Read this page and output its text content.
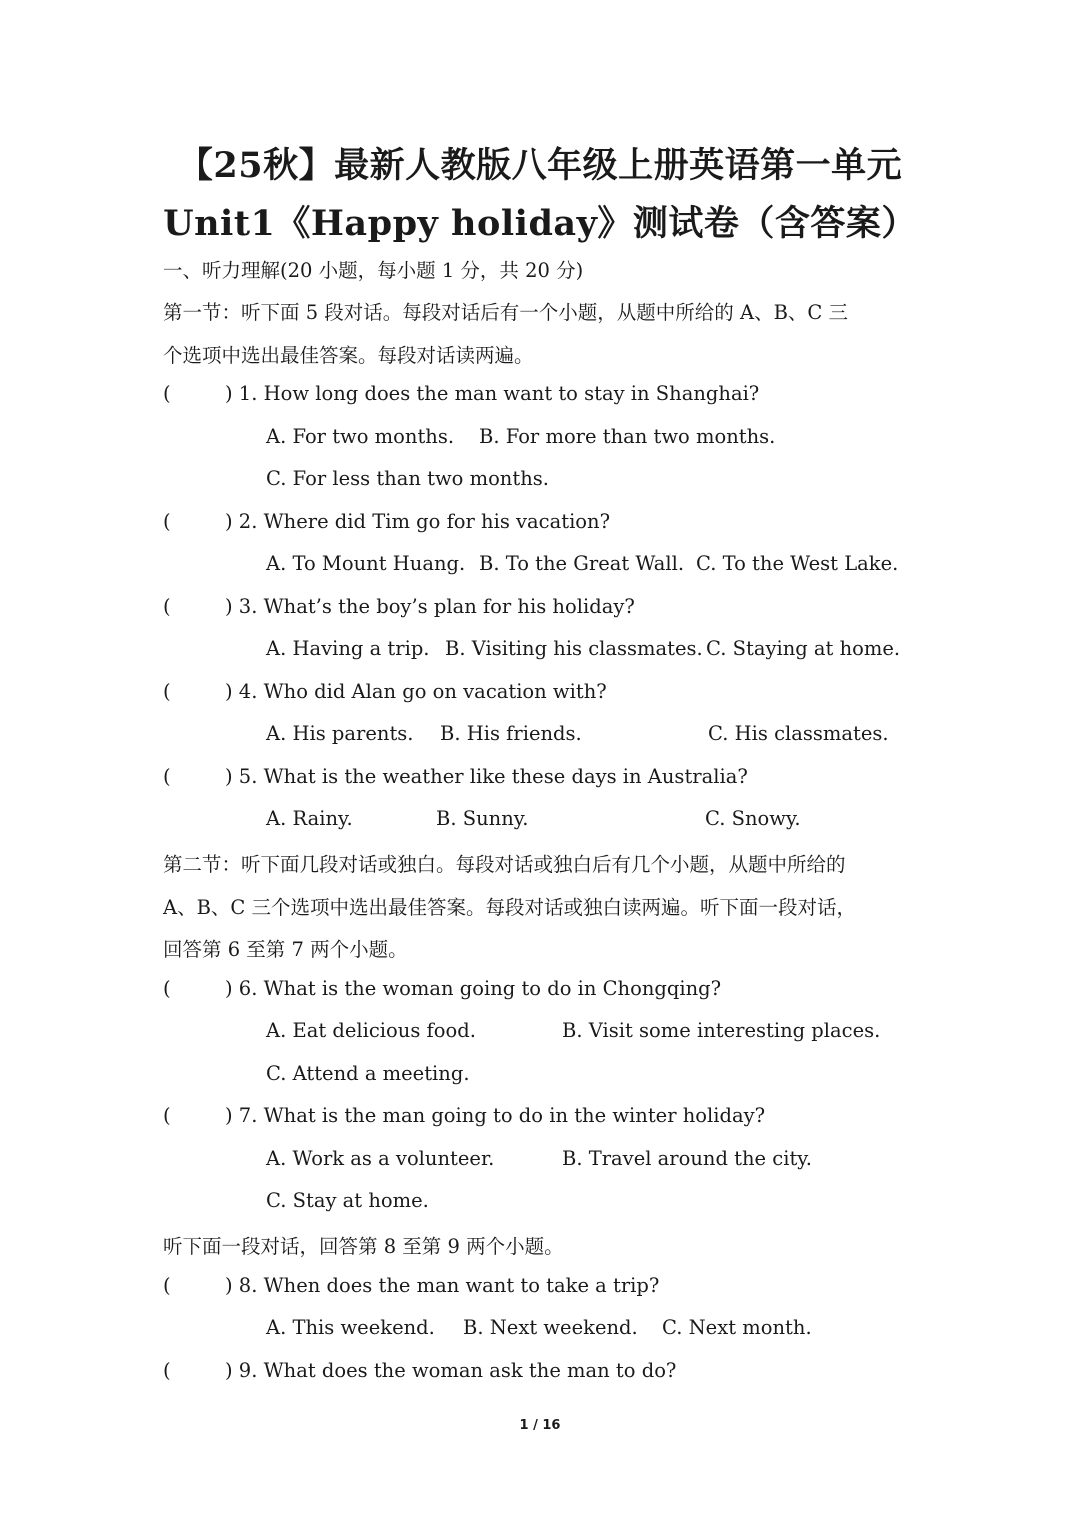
【25秋】最新人教版八年级上册英语第一单元
Unit1《Happy holiday》测试卷（含答案）
一、听力理解(20 小题，每小题 1 分，共 20 分)
第一节：听下面 5 段对话。每段对话后有一个小题，从题中所给的 A、B、C 三
个选项中选出最佳答案。每段对话读两遍。
(	) 1. How long does the man want to stay in Shanghai?
A. For two months. B. For more than two months.
C. For less than two months.
(	) 2. Where did Tim go for his vacation?
A. To Mount Huang. B. To the Great Wall. C. To the West Lake.
(	) 3. What’s the boy’s plan for his holiday?
A. Having a trip. B. Visiting his classmates. C. Staying at home.
(	) 4. Who did Alan go on vacation with?
A. His parents. B. His friends.	C. His classmates.
(	) 5. What is the weather like these days in Australia?
A. Rainy.	B. Sunny.	C. Snowy.
第二节：听下面几段对话或独白。每段对话或独白后有几个小题，从题中所给的
A、B、C 三个选项中选出最佳答案。每段对话或独白读两遍。听下面一段对话，
回答第 6 至第 7 两个小题。
(	) 6. What is the woman going to do in Chongqing?
A. Eat delicious food.	B. Visit some interesting places.
C. Attend a meeting.
(	) 7. What is the man going to do in the winter holiday?
A. Work as a volunteer.	B. Travel around the city.
C. Stay at home.
听下面一段对话，回答第 8 至第 9 两个小题。
(	) 8. When does the man want to take a trip?
A. This weekend. B. Next weekend. C. Next month.
(	) 9. What does the woman ask the man to do?
1 / 16
